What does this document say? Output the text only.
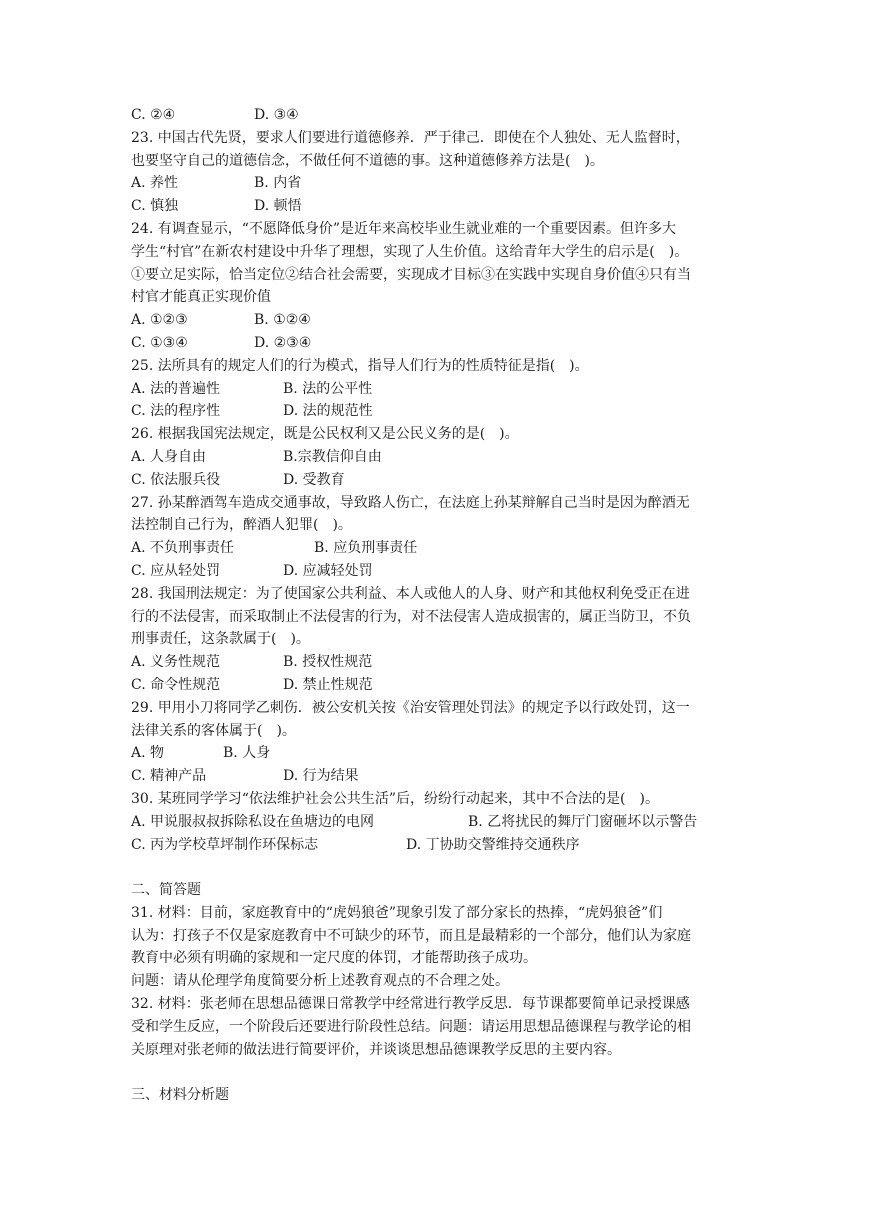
C. ②④	D. ③④
23. 中国古代先贤，要求人们要进行道德修养．严于律己．即使在个人独处、无人监督时，
也要坚守自己的道德信念，不做任何不道德的事。这种道德修养方法是(　)。
A. 养性	B. 内省
C. 慎独	D. 顿悟
24. 有调查显示，“不愿降低身价”是近年来高校毕业生就业难的一个重要因素。但许多大
学生“村官”在新农村建设中升华了理想，实现了人生价值。这给青年大学生的启示是(　)。
①要立足实际，恰当定位②结合社会需要，实现成才目标③在实践中实现自身价值④只有当
村官才能真正实现价值
A. ①②③	B. ①②④
C. ①③④	D. ②③④
25. 法所具有的规定人们的行为模式，指导人们行为的性质特征是指(　)。
A. 法的普遍性	B. 法的公平性
C. 法的程序性	D. 法的规范性
26. 根据我国宪法规定，既是公民权利又是公民义务的是(　)。
A. 人身自由	B.宗教信仰自由
C. 依法服兵役	D. 受教育
27. 孙某醉酒驾车造成交通事故，导致路人伤亡，在法庭上孙某辩解自己当时是因为醉酒无
法控制自己行为，醉酒人犯罪(　)。
A. 不负刑事责任	B. 应负刑事责任
C. 应从轻处罚	D. 应减轻处罚
28. 我国刑法规定：为了使国家公共利益、本人或他人的人身、财产和其他权利免受正在进
行的不法侵害，而采取制止不法侵害的行为，对不法侵害人造成损害的，属正当防卫，不负
刑事责任，这条款属于(　)。
A. 义务性规范	B. 授权性规范
C. 命令性规范	D. 禁止性规范
29. 甲用小刀将同学乙刺伤．被公安机关按《治安管理处罚法》的规定予以行政处罚，这一
法律关系的客体属于(　)。
A. 物	B. 人身
C. 精神产品	D. 行为结果
30. 某班同学学习“依法维护社会公共生活”后，纷纷行动起来，其中不合法的是(　)。
A. 甲说服叔叔拆除私设在鱼塘边的电网	B. 乙将扰民的舞厅门窗砸坏以示警告
C. 丙为学校草坪制作环保标志	D. 丁协助交警维持交通秩序
二、简答题
31. 材料：目前，家庭教育中的“虎妈狼爸”现象引发了部分家长的热捧，“虎妈狼爸”们
认为：打孩子不仅是家庭教育中不可缺少的环节，而且是最精彩的一个部分，他们认为家庭
教育中必须有明确的家规和一定尺度的体罚，才能帮助孩子成功。
问题：请从伦理学角度简要分析上述教育观点的不合理之处。
32. 材料：张老师在思想品德课日常教学中经常进行教学反思．每节课都要简单记录授课感
受和学生反应，一个阶段后还要进行阶段性总结。问题：请运用思想品德课程与教学论的相
关原理对张老师的做法进行简要评价，并谈谈思想品德课教学反思的主要内容。
三、材料分析题
